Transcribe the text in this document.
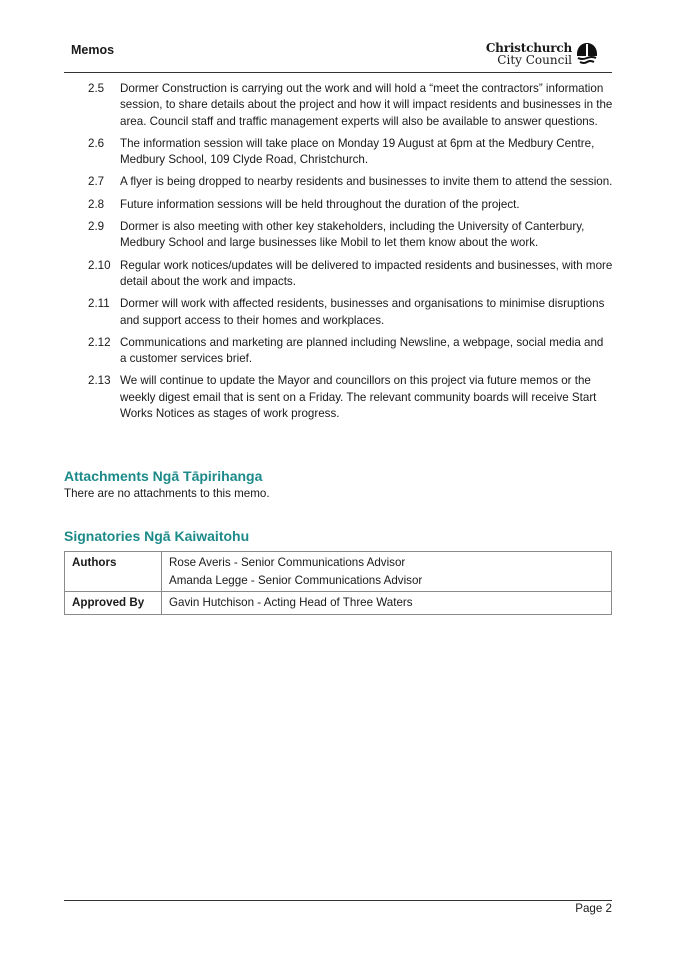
Memos	Christchurch
City Council
2.5	Dormer Construction is carrying out the work and will hold a “meet the contractors” information session, to share details about the project and how it will impact residents and businesses in the area. Council staff and traffic management experts will also be available to answer questions.
2.6	The information session will take place on Monday 19 August at 6pm at the Medbury Centre, Medbury School, 109 Clyde Road, Christchurch.
2.7	A flyer is being dropped to nearby residents and businesses to invite them to attend the session.
2.8	Future information sessions will be held throughout the duration of the project.
2.9	Dormer is also meeting with other key stakeholders, including the University of Canterbury, Medbury School and large businesses like Mobil to let them know about the work.
2.10 Regular work notices/updates will be delivered to impacted residents and businesses, with more detail about the work and impacts.
2.11 Dormer will work with affected residents, businesses and organisations to minimise disruptions and support access to their homes and workplaces.
2.12 Communications and marketing are planned including Newsline, a webpage, social media and a customer services brief.
2.13 We will continue to update the Mayor and councillors on this project via future memos or the weekly digest email that is sent on a Friday. The relevant community boards will receive Start Works Notices as stages of work progress.
Attachments Ngā Tāpirihanga
There are no attachments to this memo.
Signatories Ngā Kaiwaitohu
Authors	Rose Averis - Senior Communications Advisor
Amanda Legge - Senior Communications Advisor

Approved By	Gavin Hutchison - Acting Head of Three Waters
Page 2
